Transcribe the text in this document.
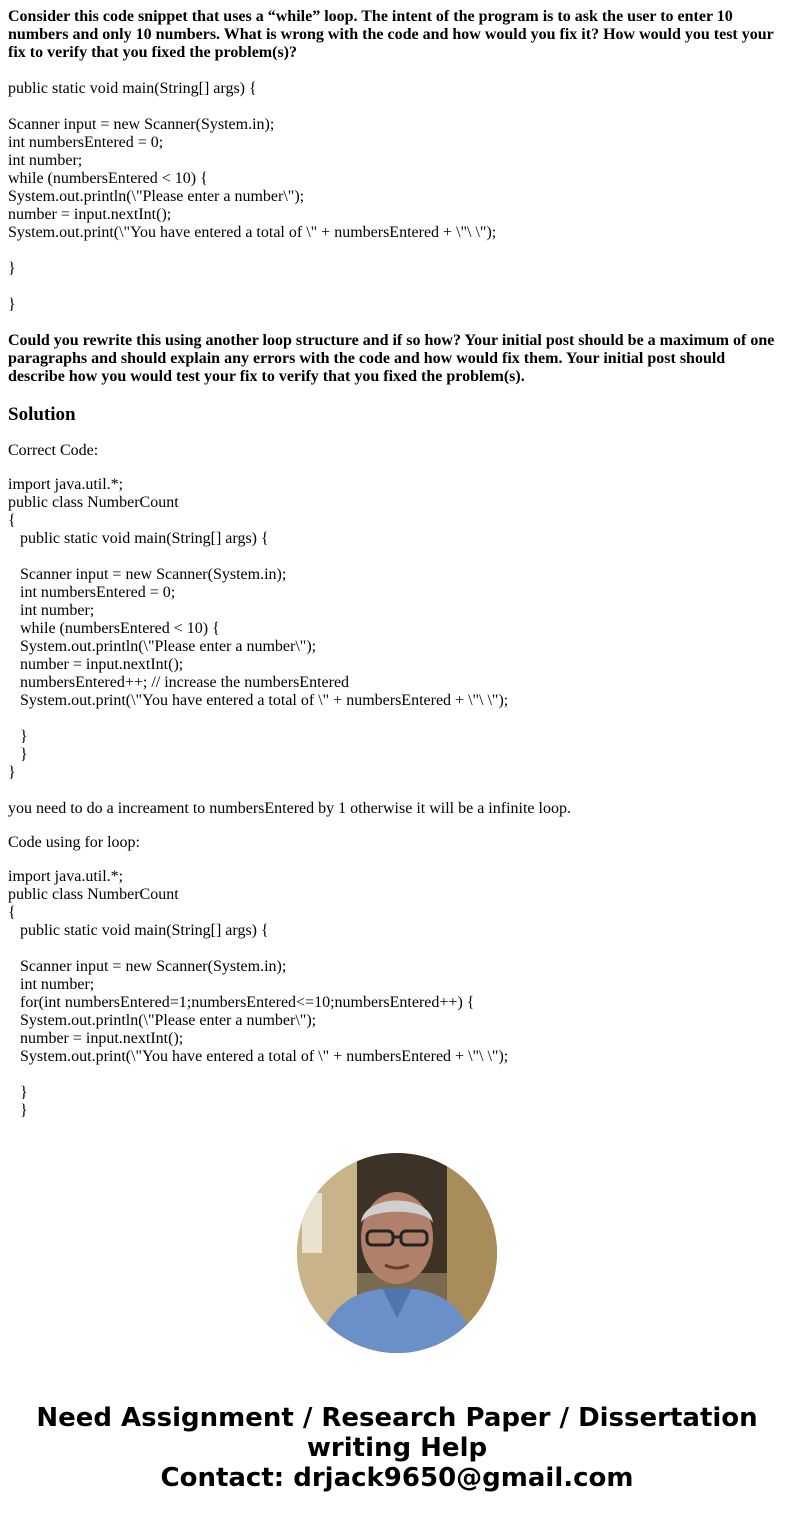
Consider this code snippet that uses a “while” loop. The intent of the program is to ask the user to enter 10 numbers and only 10 numbers. What is wrong with the code and how would you fix it? How would you test your fix to verify that you fixed the problem(s)?

public static void main(String[] args) {
Scanner input = new Scanner(System.in);
int numbersEntered = 0;
int number;
while (numbersEntered < 10) {
System.out.println(\"Please enter a number\");
number = input.nextInt();
System.out.print(\"You have entered a total of \" + numbersEntered + \"\ \");
}
}

Could you rewrite this using another loop structure and if so how? Your initial post should be a maximum of one paragraphs and should explain any errors with the code and how would fix them. Your initial post should describe how you would test your fix to verify that you fixed the problem(s).

Solution

Correct Code:

import java.util.*;
public class NumberCount
{
public static void main(String[] args) {
Scanner input = new Scanner(System.in);
int numbersEntered = 0;
int number;
while (numbersEntered < 10) {
System.out.println(\"Please enter a number\");
number = input.nextInt();
numbersEntered++; // increase the numbersEntered
System.out.print(\"You have entered a total of \" + numbersEntered + \"\ \");
}
}
}

you need to do a increament to numbersEntered by 1 otherwise it will be a infinite loop.

Code using for loop:

import java.util.*;
public class NumberCount
{
public static void main(String[] args) {
Scanner input = new Scanner(System.in);
int number;
for(int numbersEntered=1;numbersEntered<=10;numbersEntered++) {
System.out.println(\"Please enter a number\");
number = input.nextInt();
System.out.print(\"You have entered a total of \" + numbersEntered + \"\ \");
}
}
Need Assignment / Research Paper / Dissertation
writing Help
Contact: drjack9650@gmail.com
